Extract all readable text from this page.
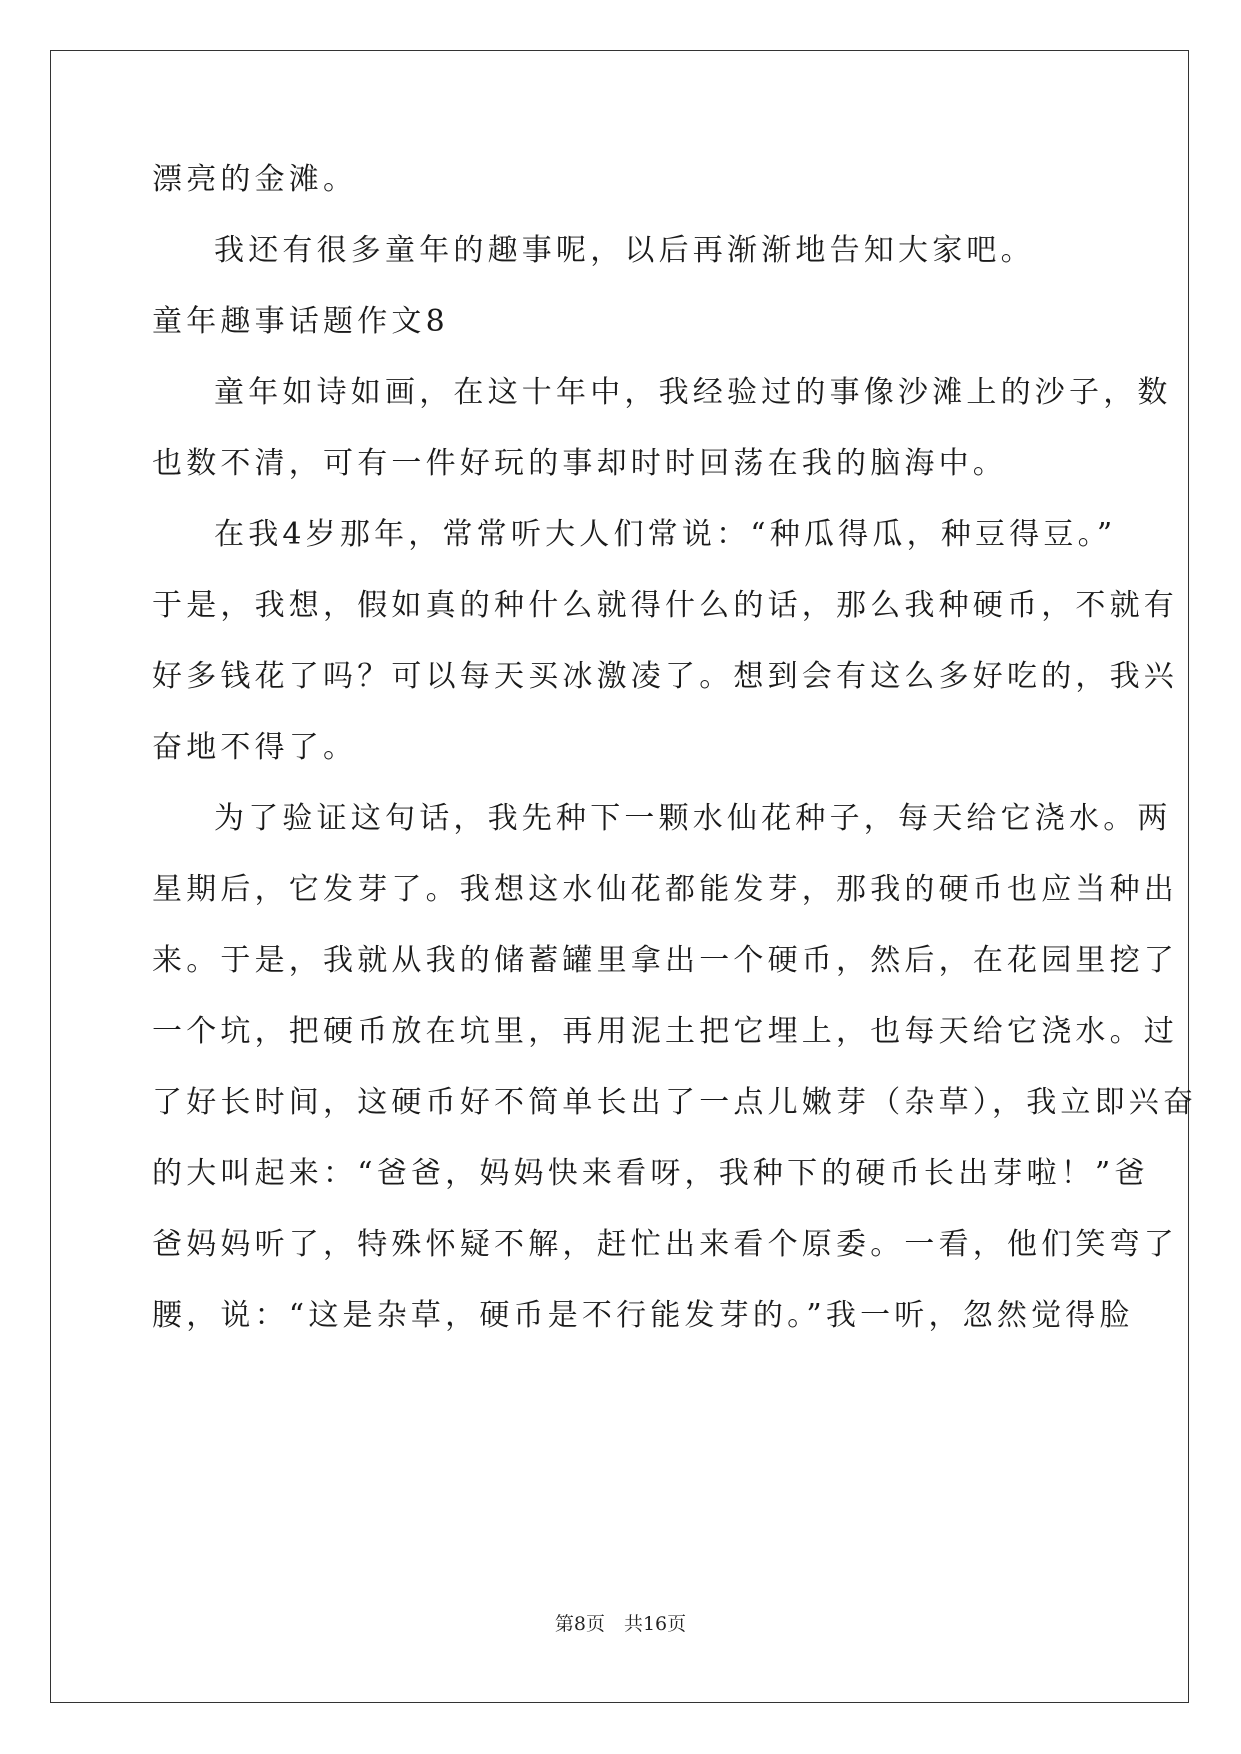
漂亮的金滩。
我还有很多童年的趣事呢，以后再渐渐地告知大家吧。
童年趣事话题作文8
童年如诗如画，在这十年中，我经验过的事像沙滩上的沙子，数
也数不清，可有一件好玩的事却时时回荡在我的脑海中。
在我4岁那年，常常听大人们常说：“种瓜得瓜，种豆得豆。”
于是，我想，假如真的种什么就得什么的话，那么我种硬币，不就有
好多钱花了吗？可以每天买冰激凌了。想到会有这么多好吃的，我兴
奋地不得了。
为了验证这句话，我先种下一颗水仙花种子，每天给它浇水。两
星期后，它发芽了。我想这水仙花都能发芽，那我的硬币也应当种出
来。于是，我就从我的储蓄罐里拿出一个硬币，然后，在花园里挖了
一个坑，把硬币放在坑里，再用泥土把它埋上，也每天给它浇水。过
了好长时间，这硬币好不简单长出了一点儿嫩芽（杂草），我立即兴奋
的大叫起来：“爸爸，妈妈快来看呀，我种下的硬币长出芽啦！”爸
爸妈妈听了，特殊怀疑不解，赶忙出来看个原委。一看，他们笑弯了
腰，说：“这是杂草，硬币是不行能发芽的。”我一听，忽然觉得脸
第8页　共16页
